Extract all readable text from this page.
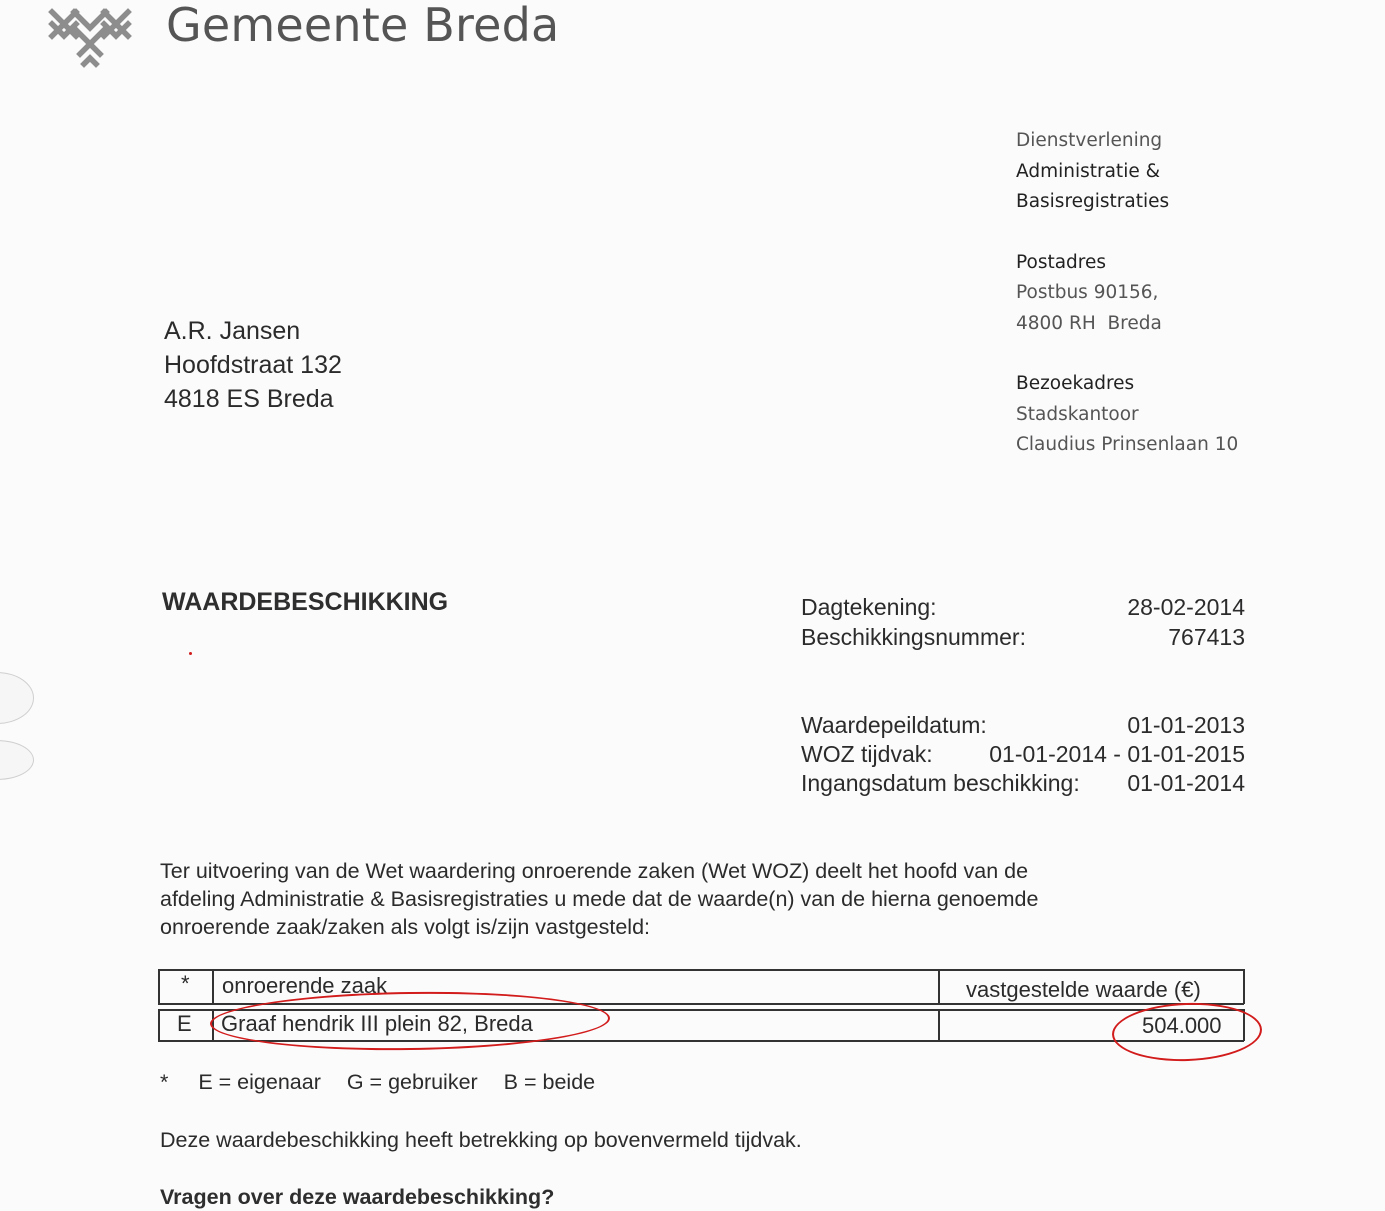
Gemeente Breda
Dienstverlening
Administratie &
Basisregistraties
Postadres
Postbus 90156,
4800 RH  Breda
Bezoekadres
Stadskantoor
Claudius Prinsenlaan 10
A.R. Jansen
Hoofdstraat 132
4818 ES Breda
WAARDEBESCHIKKING	Dagtekening:	28-02-2014
Beschikkingsnummer:	767413
Waardepeildatum:	01-01-2013
WOZ tijdvak: 01-01-2014 - 01-01-2015
Ingangsdatum beschikking: 01-01-2014
Ter uitvoering van de Wet waardering onroerende zaken (Wet WOZ) deelt het hoofd van de
afdeling Administratie & Basisregistraties u mede dat de waarde(n) van de hierna genoemde
onroerende zaak/zaken als volgt is/zijn vastgesteld:
* onroerende zaak	vastgestelde waarde (€)
E Graaf hendrik III plein 82, Breda	504.000
* E = eigenaar G = gebruiker B = beide
Deze waardebeschikking heeft betrekking op bovenvermeld tijdvak.
Vragen over deze waardebeschikking?
